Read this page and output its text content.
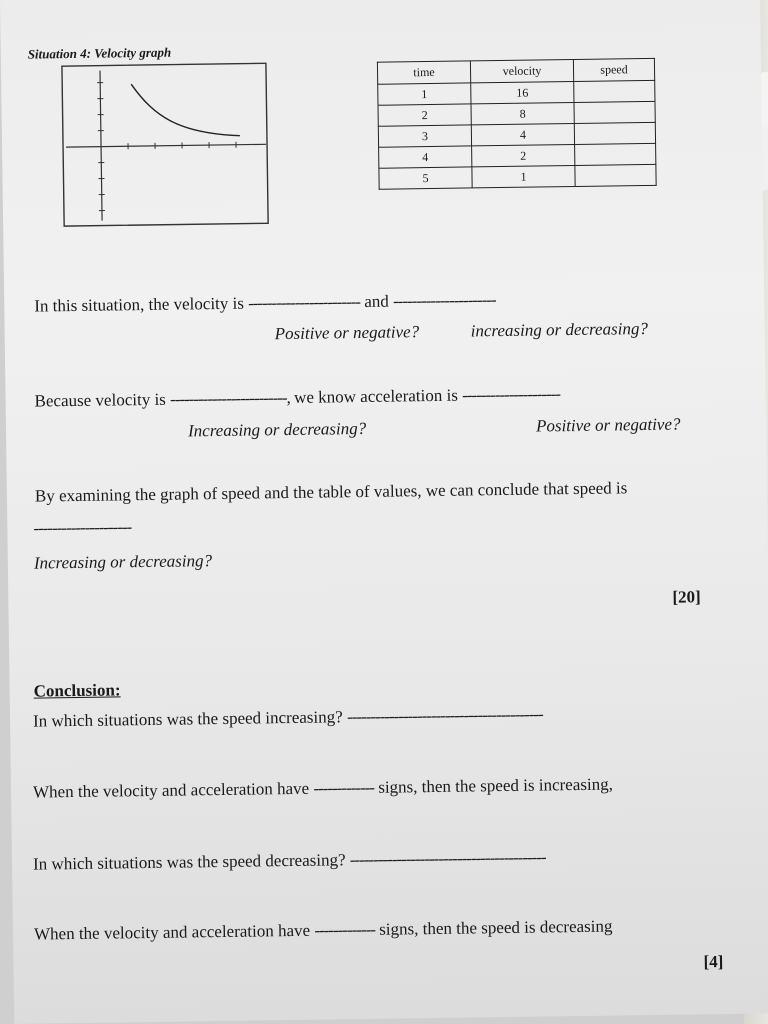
Situation 4: Velocity graph
time	velocity	speed
1	16	
2	8	
3	4	
4	2	
5	1	
In this situation, the velocity is ------------------------ and ----------------------
Positive or negative?	increasing or decreasing?
Because velocity is -------------------------, we know acceleration is ---------------------
Increasing or decreasing?	Positive or negative?
By examining the graph of speed and the table of values, we can conclude that speed is
---------------------
Increasing or decreasing?
[20]
Conclusion:
In which situations was the speed increasing? ------------------------------------------
When the velocity and acceleration have ------------- signs, then the speed is increasing,
In which situations was the speed decreasing? ------------------------------------------
When the velocity and acceleration have ------------- signs, then the speed is decreasing
[4]
